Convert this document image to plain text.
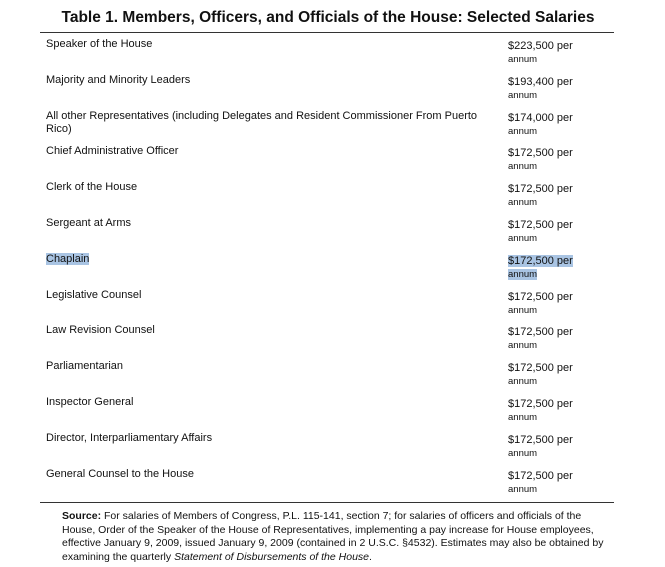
Table 1. Members, Officers, and Officials of the House: Selected Salaries
Speaker of the House	$223,500 per
annum
Majority and Minority Leaders	$193,400 per
annum
All other Representatives (including Delegates and Resident Commissioner From Puerto Rico)
$174,000 per
annum
Chief Administrative Officer	$172,500 per
annum
Clerk of the House	$172,500 per
annum
Sergeant at Arms	$172,500 per
annum
Chaplain	$172,500 per
annum
Legislative Counsel	$172,500 per
annum
Law Revision Counsel	$172,500 per
annum
Parliamentarian	$172,500 per
annum
Inspector General	$172,500 per
annum
Director, Interparliamentary Affairs	$172,500 per
annum
General Counsel to the House	$172,500 per
annum
Source: For salaries of Members of Congress, P.L. 115-141, section 7; for salaries of officers and officials of the House, Order of the Speaker of the House of Representatives, implementing a pay increase for House employees, effective January 9, 2009, issued January 9, 2009 (contained in 2 U.S.C. §4532). Estimates may also be obtained by examining the quarterly Statement of Disbursements of the House.
